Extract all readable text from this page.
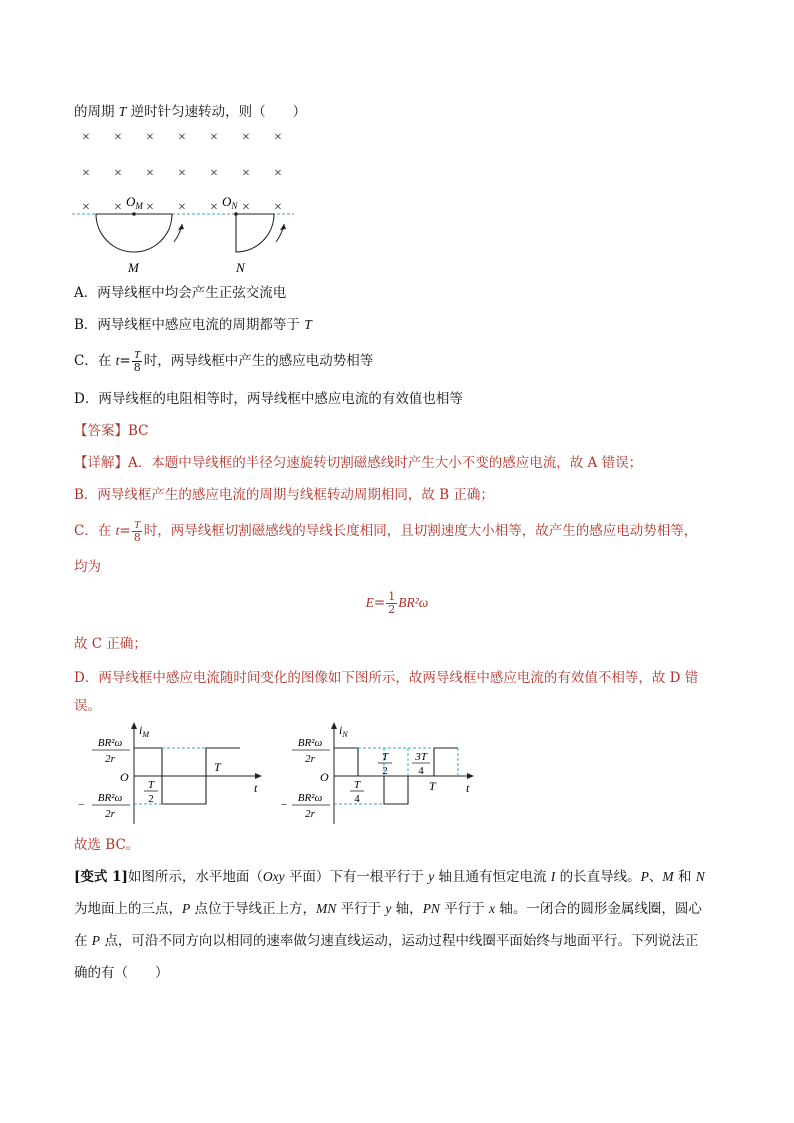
的周期 T 逆时针匀速转动，则（　　）
× × × × × × ×
× × × × × × ×
× × × × × × ×
$O_M$	$O_N$
M	N
A．两导线框中均会产生正弦交流电
B．两导线框中感应电流的周期都等于 T
C．在 $t= \frac{T}{8}$ 时，两导线框中产生的感应电动势相等
D．两导线框的电阻相等时，两导线框中感应电流的有效值也相等
【答案】BC
【详解】A．本题中导线框的半径匀速旋转切割磁感线时产生大小不变的感应电流，故 A 错误；
B．两导线框产生的感应电流的周期与线框转动周期相同，故 B 正确；
C．在 $t= \frac{T}{8}$ 时，两导线框切割磁感线的导线长度相同，且切割速度大小相等，故产生的感应电动势相等，
均为
$E= \frac{1}{2} BR^2\omega$
故 C 正确；
D．两导线框中感应电流随时间变化的图像如下图所示，故两导线框中感应电流的有效值不相等，故 D 错
误。
$i_M$
O
t
BR²ω
2r
−
BR²ω
2r
T
2
T
$i_N$
O
t
BR²ω
2r
−
BR²ω
2r
T
4
T
2
3T
4
T
故选 BC。
[变式 1]如图所示，水平地面（Oxy 平面）下有一根平行于 y 轴且通有恒定电流 I 的长直导线。P、M 和 N
为地面上的三点，P 点位于导线正上方，MN 平行于 y 轴，PN 平行于 x 轴。一闭合的圆形金属线圈，圆心
在 P 点，可沿不同方向以相同的速率做匀速直线运动，运动过程中线圈平面始终与地面平行。下列说法正
确的有（　　）
